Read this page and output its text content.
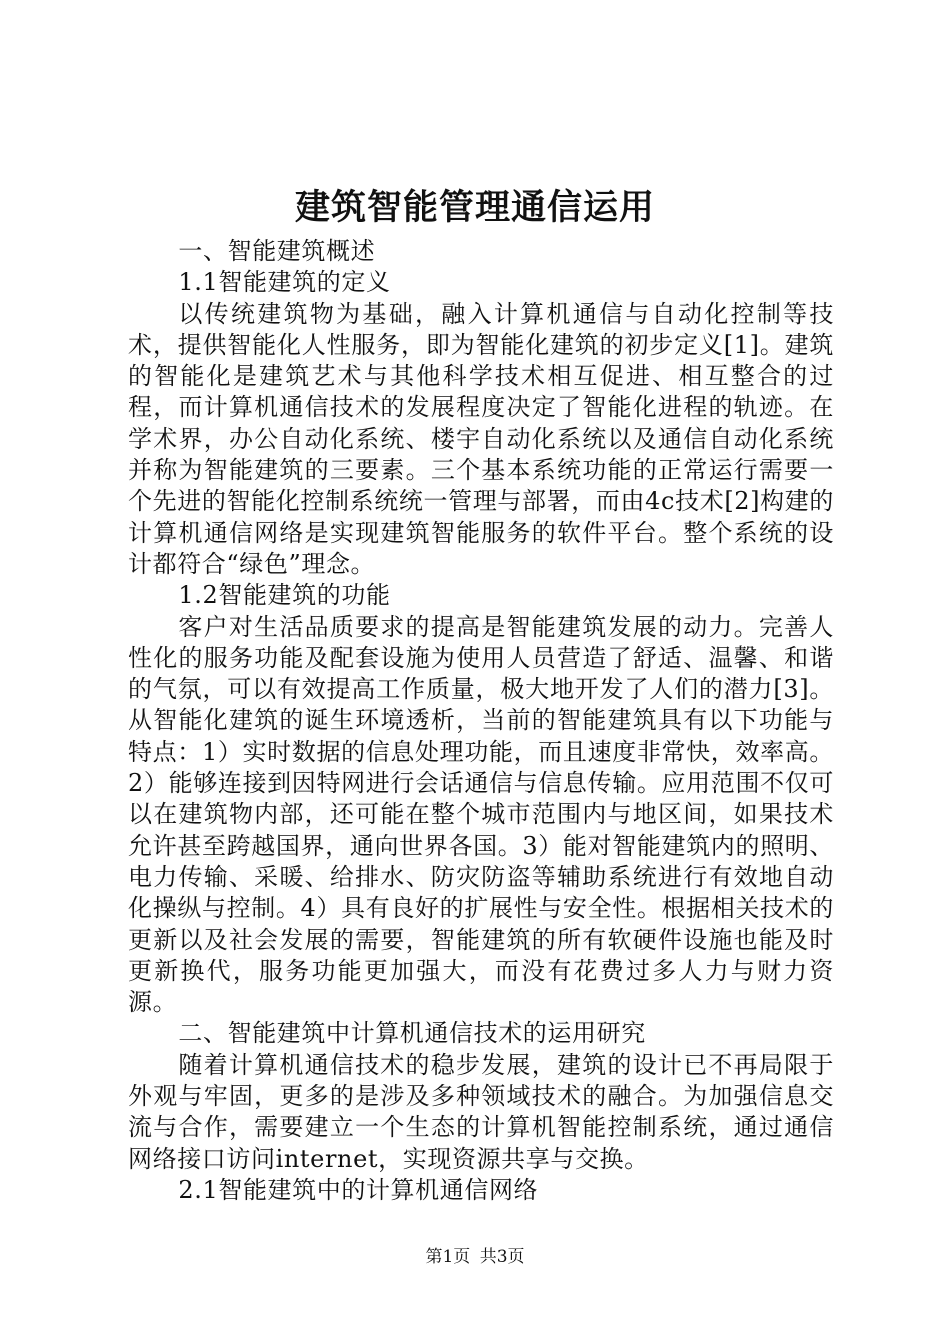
建筑智能管理通信运用

一、智能建筑概述

1.1智能建筑的定义

以传统建筑物为基础，融入计算机通信与自动化控制等技术，提供智能化人性服务，即为智能化建筑的初步定义[1]。建筑的智能化是建筑艺术与其他科学技术相互促进、相互整合的过程，而计算机通信技术的发展程度决定了智能化进程的轨迹。在学术界，办公自动化系统、楼宇自动化系统以及通信自动化系统并称为智能建筑的三要素。三个基本系统功能的正常运行需要一个先进的智能化控制系统统一管理与部署，而由4c技术[2]构建的计算机通信网络是实现建筑智能服务的软件平台。整个系统的设计都符合“绿色”理念。

1.2智能建筑的功能

客户对生活品质要求的提高是智能建筑发展的动力。完善人性化的服务功能及配套设施为使用人员营造了舒适、温馨、和谐的气氛，可以有效提高工作质量，极大地开发了人们的潜力[3]。从智能化建筑的诞生环境透析，当前的智能建筑具有以下功能与特点：1）实时数据的信息处理功能，而且速度非常快，效率高。2）能够连接到因特网进行会话通信与信息传输。应用范围不仅可以在建筑物内部，还可能在整个城市范围内与地区间，如果技术允许甚至跨越国界，通向世界各国。3）能对智能建筑内的照明、电力传输、采暖、给排水、防灾防盗等辅助系统进行有效地自动化操纵与控制。4）具有良好的扩展性与安全性。根据相关技术的更新以及社会发展的需要，智能建筑的所有软硬件设施也能及时更新换代，服务功能更加强大，而没有花费过多人力与财力资源。

二、智能建筑中计算机通信技术的运用研究

随着计算机通信技术的稳步发展，建筑的设计已不再局限于外观与牢固，更多的是涉及多种领域技术的融合。为加强信息交流与合作，需要建立一个生态的计算机智能控制系统，通过通信网络接口访问internet，实现资源共享与交换。

2.1智能建筑中的计算机通信网络

第1页 共3页
